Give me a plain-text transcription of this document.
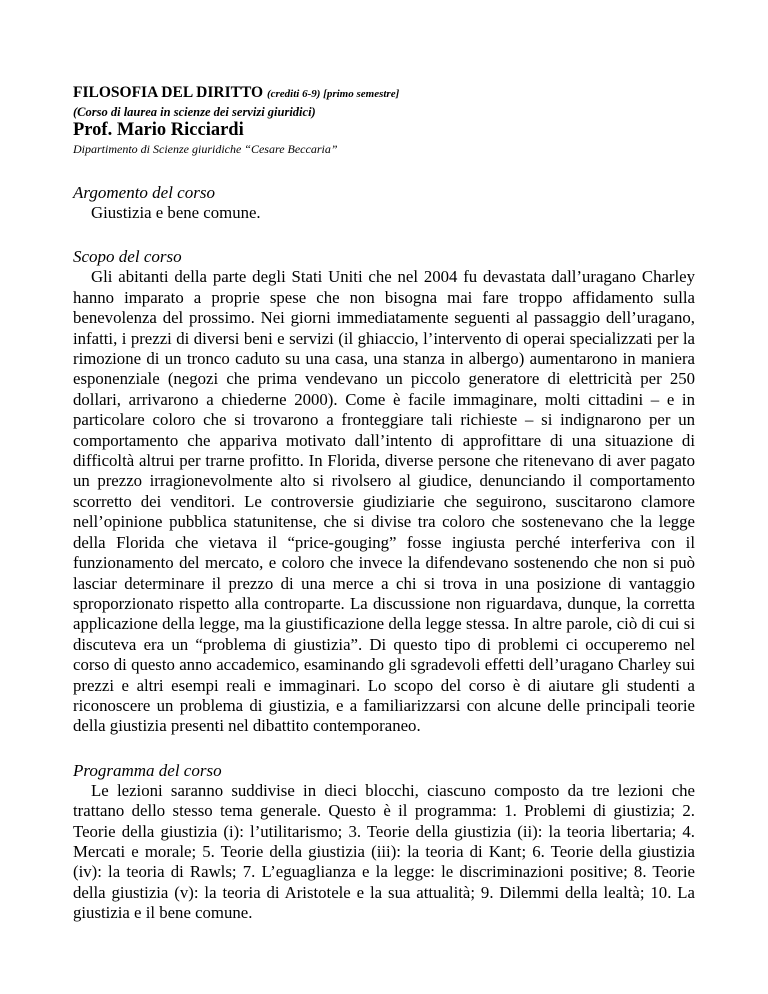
FILOSOFIA DEL DIRITTO (crediti 6-9) [primo semestre]
(Corso di laurea in scienze dei servizi giuridici)
Prof. Mario Ricciardi
Dipartimento di Scienze giuridiche “Cesare Beccaria”
Argomento del corso

Giustizia e bene comune.

Scopo del corso

Gli abitanti della parte degli Stati Uniti che nel 2004 fu devastata dall’uragano Charley hanno imparato a proprie spese che non bisogna mai fare troppo affidamento sulla benevolenza del prossimo. Nei giorni immediatamente seguenti al passaggio dell’uragano, infatti, i prezzi di diversi beni e servizi (il ghiaccio, l’intervento di operai specializzati per la rimozione di un tronco caduto su una casa, una stanza in albergo) aumentarono in maniera esponenziale (negozi che prima vendevano un piccolo generatore di elettricità per 250 dollari, arrivarono a chiederne 2000). Come è facile immaginare, molti cittadini – e in particolare coloro che si trovarono a fronteggiare tali richieste – si indignarono per un comportamento che appariva motivato dall’intento di approfittare di una situazione di difficoltà altrui per trarne profitto. In Florida, diverse persone che ritenevano di aver pagato un prezzo irragionevolmente alto si rivolsero al giudice, denunciando il comportamento scorretto dei venditori. Le controversie giudiziarie che seguirono, suscitarono clamore nell’opinione pubblica statunitense, che si divise tra coloro che sostenevano che la legge della Florida che vietava il “price-gouging” fosse ingiusta perché interferiva con il funzionamento del mercato, e coloro che invece la difendevano sostenendo che non si può lasciar determinare il prezzo di una merce a chi si trova in una posizione di vantaggio sproporzionato rispetto alla controparte. La discussione non riguardava, dunque, la corretta applicazione della legge, ma la giustificazione della legge stessa. In altre parole, ciò di cui si discuteva era un “problema di giustizia”. Di questo tipo di problemi ci occuperemo nel corso di questo anno accademico, esaminando gli sgradevoli effetti dell’uragano Charley sui prezzi e altri esempi reali e immaginari. Lo scopo del corso è di aiutare gli studenti a riconoscere un problema di giustizia, e a familiarizzarsi con alcune delle principali teorie della giustizia presenti nel dibattito contemporaneo.

Programma del corso

Le lezioni saranno suddivise in dieci blocchi, ciascuno composto da tre lezioni che trattano dello stesso tema generale. Questo è il programma: 1. Problemi di giustizia; 2. Teorie della giustizia (i): l’utilitarismo; 3. Teorie della giustizia (ii): la teoria libertaria; 4. Mercati e morale; 5. Teorie della giustizia (iii): la teoria di Kant; 6. Teorie della giustizia (iv): la teoria di Rawls; 7. L’eguaglianza e la legge: le discriminazioni positive; 8. Teorie della giustizia (v): la teoria di Aristotele e la sua attualità; 9. Dilemmi della lealtà; 10. La giustizia e il bene comune.
